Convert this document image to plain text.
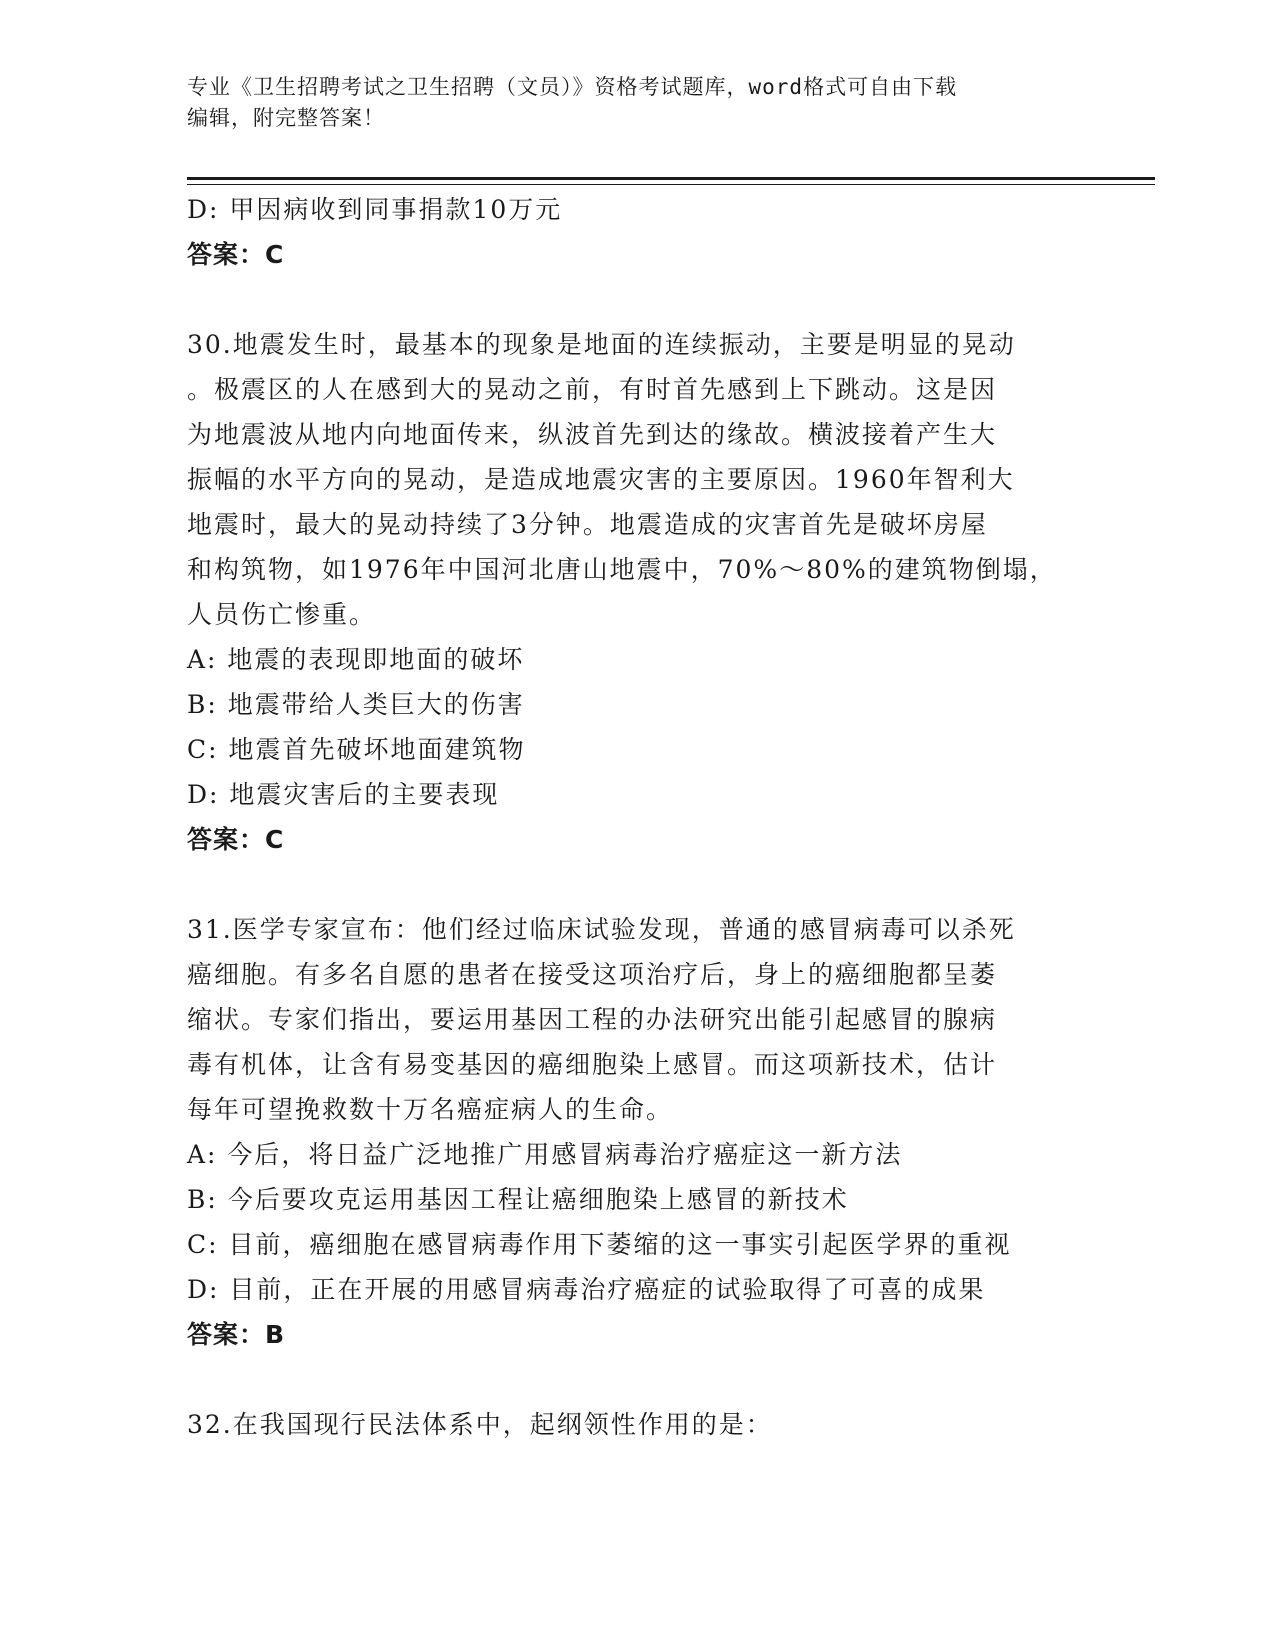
专业《卫生招聘考试之卫生招聘（文员）》资格考试题库，word格式可自由下载

编辑，附完整答案！

D: 甲因病收到同事捐款10万元

答案：C

30.地震发生时，最基本的现象是地面的连续振动，主要是明显的晃动

。极震区的人在感到大的晃动之前，有时首先感到上下跳动。这是因

为地震波从地内向地面传来，纵波首先到达的缘故。横波接着产生大

振幅的水平方向的晃动，是造成地震灾害的主要原因。1960年智利大

地震时，最大的晃动持续了3分钟。地震造成的灾害首先是破坏房屋

和构筑物，如1976年中国河北唐山地震中，70%～80%的建筑物倒塌，

人员伤亡惨重。

A: 地震的表现即地面的破坏

B: 地震带给人类巨大的伤害

C: 地震首先破坏地面建筑物

D: 地震灾害后的主要表现

答案：C

31.医学专家宣布：他们经过临床试验发现，普通的感冒病毒可以杀死

癌细胞。有多名自愿的患者在接受这项治疗后，身上的癌细胞都呈萎

缩状。专家们指出，要运用基因工程的办法研究出能引起感冒的腺病

毒有机体，让含有易变基因的癌细胞染上感冒。而这项新技术，估计

每年可望挽救数十万名癌症病人的生命。

A: 今后，将日益广泛地推广用感冒病毒治疗癌症这一新方法

B: 今后要攻克运用基因工程让癌细胞染上感冒的新技术

C: 目前，癌细胞在感冒病毒作用下萎缩的这一事实引起医学界的重视

D: 目前，正在开展的用感冒病毒治疗癌症的试验取得了可喜的成果

答案：B

32.在我国现行民法体系中，起纲领性作用的是：
